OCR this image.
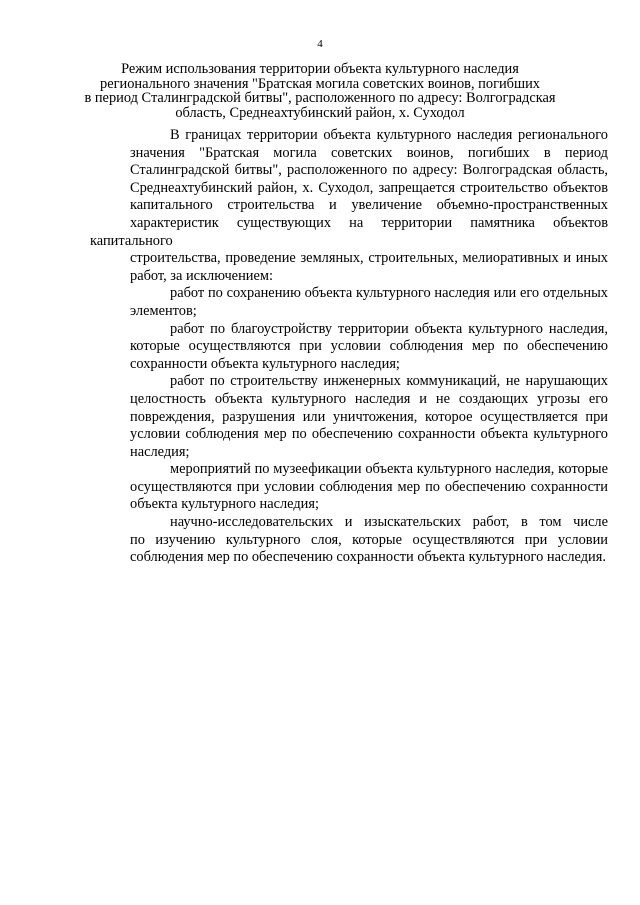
4
Режим использования территории объекта культурного наследия
регионального значения "Братская могила советских воинов, погибших
в период Сталинградской битвы", расположенного по адресу: Волгоградская
область, Среднеахтубинский район, х. Суходол
В границах территории объекта культурного наследия регионального
значения "Братская могила советских воинов, погибших в период
Сталинградской битвы", расположенного по адресу: Волгоградская область,
Среднеахтубинский район, х. Суходол, запрещается строительство объектов
капитального строительства и увеличение объемно-пространственных
характеристик существующих на территории памятника объектов капитального
строительства, проведение земляных, строительных, мелиоративных и иных
работ, за исключением:
работ по сохранению объекта культурного наследия или его отдельных
элементов;
работ по благоустройству территории объекта культурного наследия,
которые осуществляются при условии соблюдения мер по обеспечению
сохранности объекта культурного наследия;
работ по строительству инженерных коммуникаций, не нарушающих
целостность объекта культурного наследия и не создающих угрозы его
повреждения, разрушения или уничтожения, которое осуществляется при
условии соблюдения мер по обеспечению сохранности объекта культурного
наследия;
мероприятий по музеефикации объекта культурного наследия, которые
осуществляются при условии соблюдения мер по обеспечению сохранности
объекта культурного наследия;
научно-исследовательских и изыскательских работ, в том числе
по изучению культурного слоя, которые осуществляются при условии
соблюдения мер по обеспечению сохранности объекта культурного наследия.
